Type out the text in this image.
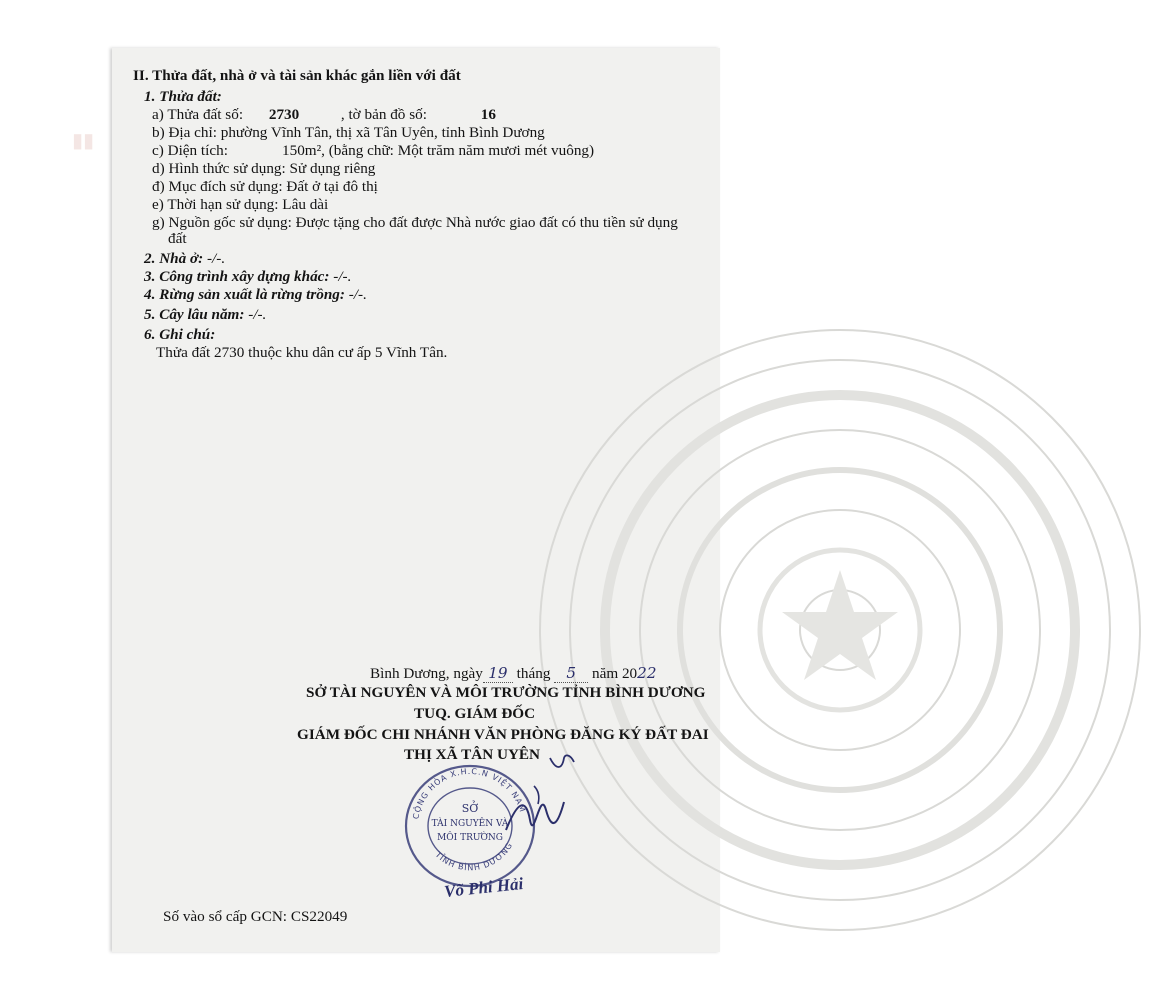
▮▮
II. Thửa đất, nhà ở và tài sản khác gắn liền với đất
1. Thửa đất:
a) Thửa đất số: 2730	, tờ bản đồ số:	16
b) Địa chỉ: phường Vĩnh Tân, thị xã Tân Uyên, tỉnh Bình Dương
c) Diện tích:	150m², (bằng chữ: Một trăm năm mươi mét vuông)
d) Hình thức sử dụng: Sử dụng riêng
đ) Mục đích sử dụng: Đất ở tại đô thị
e) Thời hạn sử dụng: Lâu dài
g) Nguồn gốc sử dụng: Được tặng cho đất được Nhà nước giao đất có thu tiền sử dụng
đất
2. Nhà ở: -/-.
3. Công trình xây dựng khác: -/-.
4. Rừng sản xuất là rừng trồng: -/-.
5. Cây lâu năm: -/-.
6. Ghi chú:
Thửa đất 2730 thuộc khu dân cư ấp 5 Vĩnh Tân.
Bình Dương, ngày 19 tháng 5 năm 2022
SỞ TÀI NGUYÊN VÀ MÔI TRƯỜNG TỈNH BÌNH DƯƠNG
TUQ. GIÁM ĐỐC
GIÁM ĐỐC CHI NHÁNH VĂN PHÒNG ĐĂNG KÝ ĐẤT ĐAI
THỊ XÃ TÂN UYÊN
CỘNG HÒA X.H.C.N VIỆT NAM
TỈNH BÌNH DƯƠNG
SỞ
TÀI NGUYÊN VÀ
MÔI TRƯỜNG
Võ Phi Hải
Số vào sổ cấp GCN: CS22049
